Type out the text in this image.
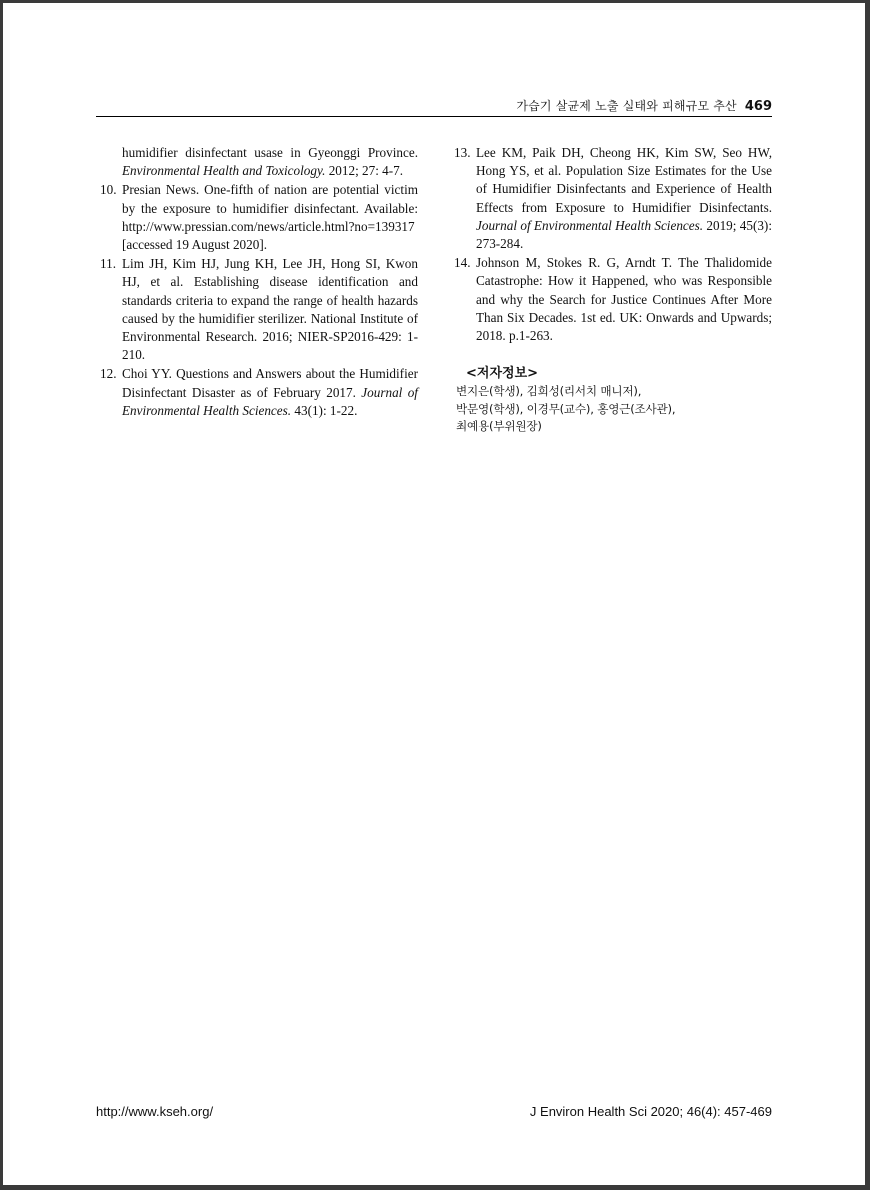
가습기 살균제 노출 실태와 피해규모 추산 469
humidifier disinfectant usase in Gyeonggi Province. Environmental Health and Toxicology. 2012; 27: 4-7.
10. Presian News. One-fifth of nation are potential victim by the exposure to humidifier disinfectant. Available: http://www.pressian.com/news/article.html?no=139317 [accessed 19 August 2020].
11. Lim JH, Kim HJ, Jung KH, Lee JH, Hong SI, Kwon HJ, et al. Establishing disease identification and standards criteria to expand the range of health hazards caused by the humidifier sterilizer. National Institute of Environmental Research. 2016; NIER-SP2016-429: 1-210.
12. Choi YY. Questions and Answers about the Humidifier Disinfectant Disaster as of February 2017. Journal of Environmental Health Sciences. 43(1): 1-22.
13. Lee KM, Paik DH, Cheong HK, Kim SW, Seo HW, Hong YS, et al. Population Size Estimates for the Use of Humidifier Disinfectants and Experience of Health Effects from Exposure to Humidifier Disinfectants. Journal of Environmental Health Sciences. 2019; 45(3): 273-284.
14. Johnson M, Stokes R. G, Arndt T. The Thalidomide Catastrophe: How it Happened, who was Responsible and why the Search for Justice Continues After More Than Six Decades. 1st ed. UK: Onwards and Upwards; 2018. p.1-263.
<저자정보>
변지은(학생), 김희성(리서치 매니저),
박문영(학생), 이경무(교수), 홍영근(조사관),
최예용(부위원장)
http://www.kseh.org/	J Environ Health Sci 2020; 46(4): 457-469
